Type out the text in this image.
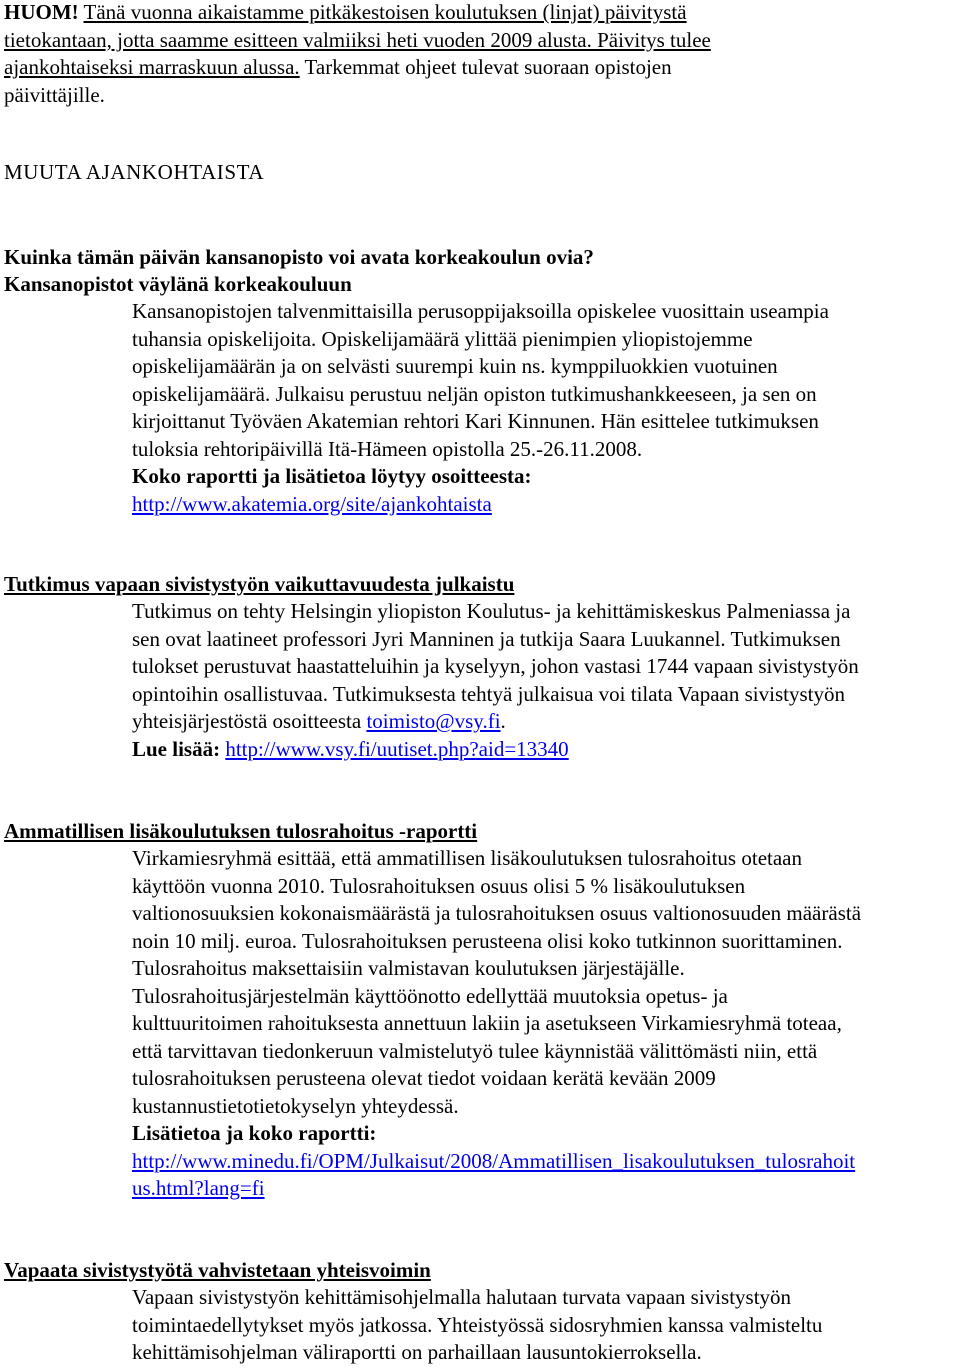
HUOM! Tänä vuonna aikaistamme pitkäkestoisen koulutuksen (linjat) päivitystä
tietokantaan, jotta saamme esitteen valmiiksi heti vuoden 2009 alusta. Päivitys tulee
ajankohtaiseksi marraskuun alussa. Tarkemmat ohjeet tulevat suoraan opistojen
päivittäjille.
MUUTA AJANKOHTAISTA
Kuinka tämän päivän kansanopisto voi avata korkeakoulun ovia?
Kansanopistot väylänä korkeakouluun
Kansanopistojen talvenmittaisilla perusoppijaksoilla opiskelee vuosittain useampia
tuhansia opiskelijoita. Opiskelijamäärä ylittää pienimpien yliopistojemme
opiskelijamäärän ja on selvästi suurempi kuin ns. kymppiluokkien vuotuinen
opiskelijamäärä. Julkaisu perustuu neljän opiston tutkimushankkeeseen, ja sen on
kirjoittanut Työväen Akatemian rehtori Kari Kinnunen. Hän esittelee tutkimuksen
tuloksia rehtoripäivillä Itä-Hämeen opistolla 25.-26.11.2008.
Koko raportti ja lisätietoa löytyy osoitteesta:
http://www.akatemia.org/site/ajankohtaista
Tutkimus vapaan sivistystyön vaikuttavuudesta julkaistu
Tutkimus on tehty Helsingin yliopiston Koulutus- ja kehittämiskeskus Palmeniassa ja
sen ovat laatineet professori Jyri Manninen ja tutkija Saara Luukannel. Tutkimuksen
tulokset perustuvat haastatteluihin ja kyselyyn, johon vastasi 1744 vapaan sivistystyön
opintoihin osallistuvaa. Tutkimuksesta tehtyä julkaisua voi tilata Vapaan sivistystyön
yhteisjärjestöstä osoitteesta toimisto@vsy.fi.
Lue lisää: http://www.vsy.fi/uutiset.php?aid=13340
Ammatillisen lisäkoulutuksen tulosrahoitus -raportti
Virkamiesryhmä esittää, että ammatillisen lisäkoulutuksen tulosrahoitus otetaan
käyttöön vuonna 2010. Tulosrahoituksen osuus olisi 5 % lisäkoulutuksen
valtionosuuksien kokonaismäärästä ja tulosrahoituksen osuus valtionosuuden määrästä
noin 10 milj. euroa. Tulosrahoituksen perusteena olisi koko tutkinnon suorittaminen.
Tulosrahoitus maksettaisiin valmistavan koulutuksen järjestäjälle.
Tulosrahoitusjärjestelmän käyttöönotto edellyttää muutoksia opetus- ja
kulttuuritoimen rahoituksesta annettuun lakiin ja asetukseen Virkamiesryhmä toteaa,
että tarvittavan tiedonkeruun valmistelutyö tulee käynnistää välittömästi niin, että
tulosrahoituksen perusteena olevat tiedot voidaan kerätä kevään 2009
kustannustietotietokyselyn yhteydessä.
Lisätietoa ja koko raportti:
http://www.minedu.fi/OPM/Julkaisut/2008/Ammatillisen_lisakoulutuksen_tulosrahoit
us.html?lang=fi
Vapaata sivistystyötä vahvistetaan yhteisvoimin
Vapaan sivistystyön kehittämisohjelmalla halutaan turvata vapaan sivistystyön
toimintaedellytykset myös jatkossa. Yhteistyössä sidosryhmien kanssa valmisteltu
kehittämisohjelman väliraportti on parhaillaan lausuntokierroksella.
